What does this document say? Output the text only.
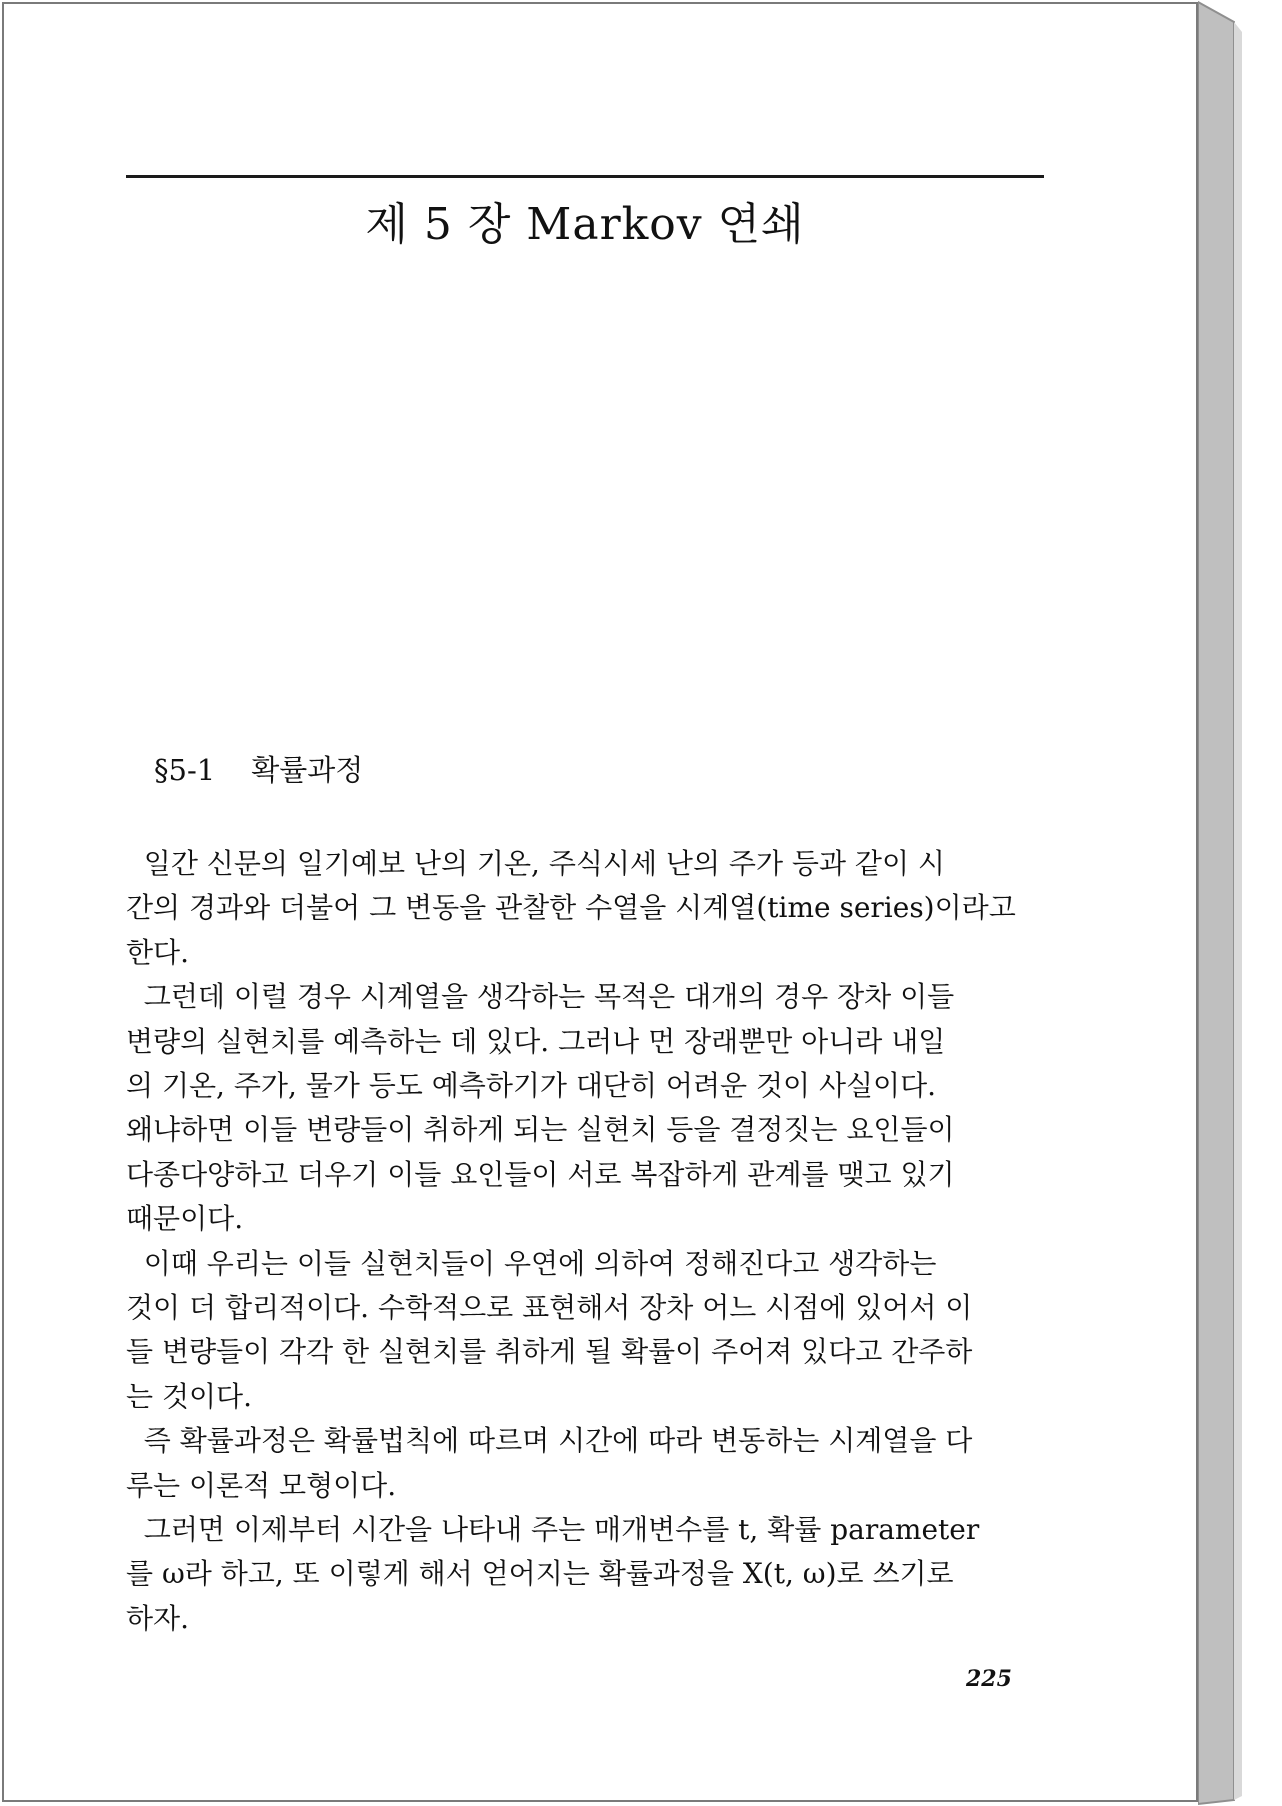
제 5 장 Markov 연쇄
§5-1 확률과정
일간 신문의 일기예보 난의 기온, 주식시세 난의 주가 등과 같이 시
간의 경과와 더불어 그 변동을 관찰한 수열을 시계열(time series)이라고
한다.
그런데 이럴 경우 시계열을 생각하는 목적은 대개의 경우 장차 이들
변량의 실현치를 예측하는 데 있다. 그러나 먼 장래뿐만 아니라 내일
의 기온, 주가, 물가 등도 예측하기가 대단히 어려운 것이 사실이다.
왜냐하면 이들 변량들이 취하게 되는 실현치 등을 결정짓는 요인들이
다종다양하고 더우기 이들 요인들이 서로 복잡하게 관계를 맺고 있기
때문이다.
이때 우리는 이들 실현치들이 우연에 의하여 정해진다고 생각하는
것이 더 합리적이다. 수학적으로 표현해서 장차 어느 시점에 있어서 이
들 변량들이 각각 한 실현치를 취하게 될 확률이 주어져 있다고 간주하
는 것이다.
즉 확률과정은 확률법칙에 따르며 시간에 따라 변동하는 시계열을 다
루는 이론적 모형이다.
그러면 이제부터 시간을 나타내 주는 매개변수를 t, 확률 parameter
를 ω라 하고, 또 이렇게 해서 얻어지는 확률과정을 X(t, ω)로 쓰기로
하자.
225
